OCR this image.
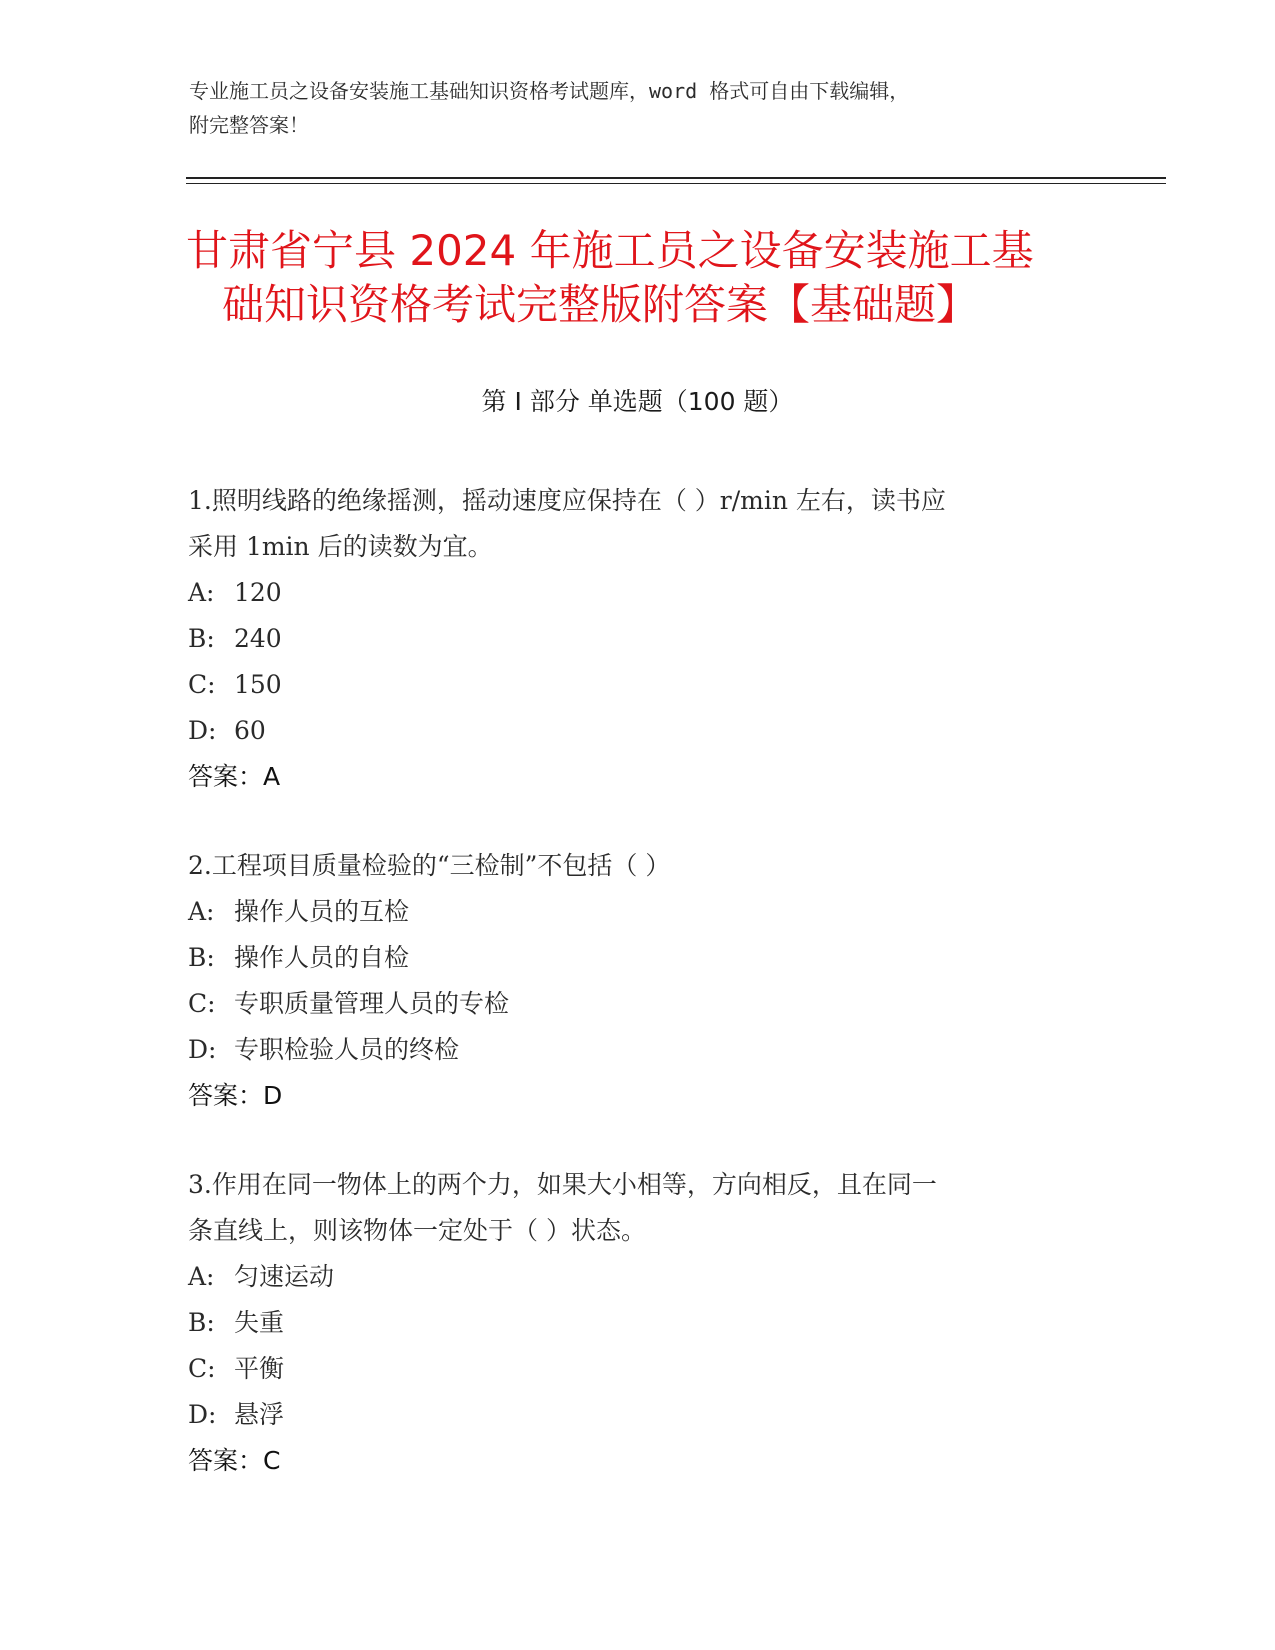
专业施工员之设备安装施工基础知识资格考试题库，word 格式可自由下载编辑，
附完整答案！
甘肃省宁县 2024 年施工员之设备安装施工基
础知识资格考试完整版附答案【基础题】
第 I 部分 单选题（100 题）
1.照明线路的绝缘摇测，摇动速度应保持在（ ）r/min 左右，读书应
采用 1min 后的读数为宜。
A: 120
B: 240
C: 150
D: 60
答案：A
2.工程项目质量检验的“三检制”不包括（ ）
A: 操作人员的互检
B: 操作人员的自检
C: 专职质量管理人员的专检
D: 专职检验人员的终检
答案：D
3.作用在同一物体上的两个力，如果大小相等，方向相反，且在同一
条直线上，则该物体一定处于（ ）状态。
A: 匀速运动
B: 失重
C: 平衡
D: 悬浮
答案：C
